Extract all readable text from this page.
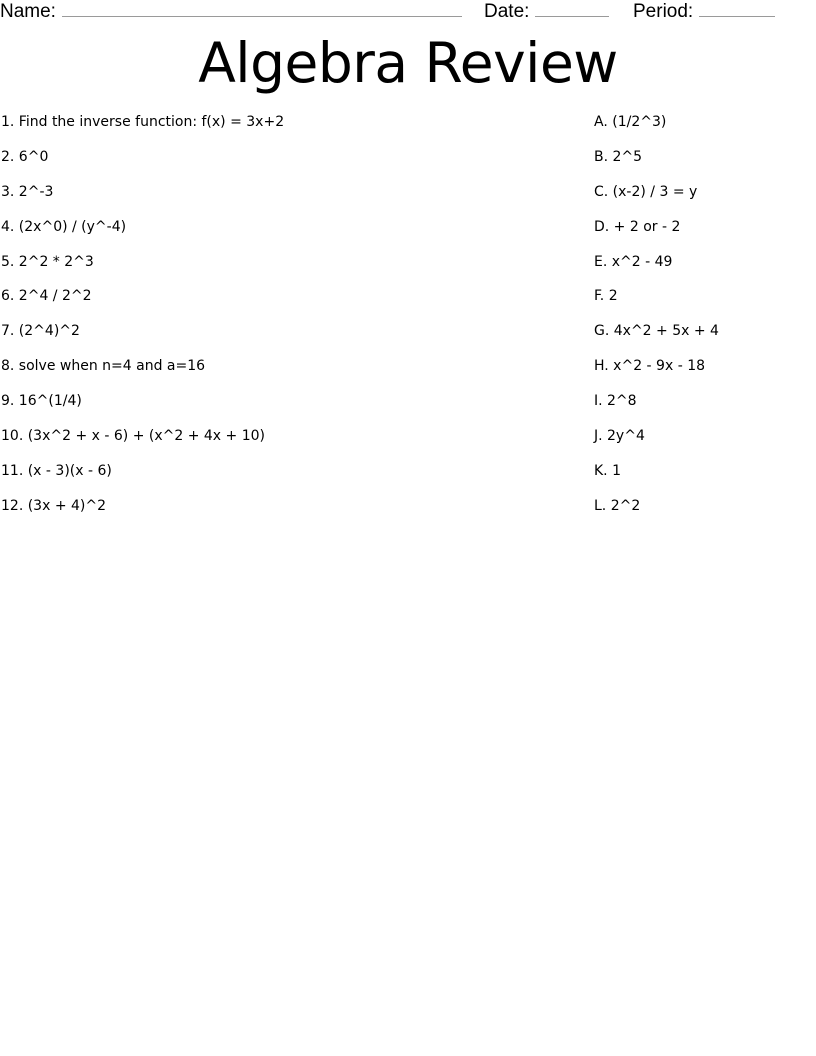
Name:	Date:	Period:
Algebra Review
1. Find the inverse function: f(x) = 3x+2
2. 6^0
3. 2^-3
4. (2x^0) / (y^-4)
5. 2^2 * 2^3
6. 2^4 / 2^2
7. (2^4)^2
8. solve when n=4 and a=16
9. 16^(1/4)
10. (3x^2 + x - 6) + (x^2 + 4x + 10)
11. (x - 3)(x - 6)
12. (3x + 4)^2
A. (1/2^3)
B. 2^5
C. (x-2) / 3 = y
D. + 2 or - 2
E. x^2 - 49
F. 2
G. 4x^2 + 5x + 4
H. x^2 - 9x - 18
I. 2^8
J. 2y^4
K. 1
L. 2^2
